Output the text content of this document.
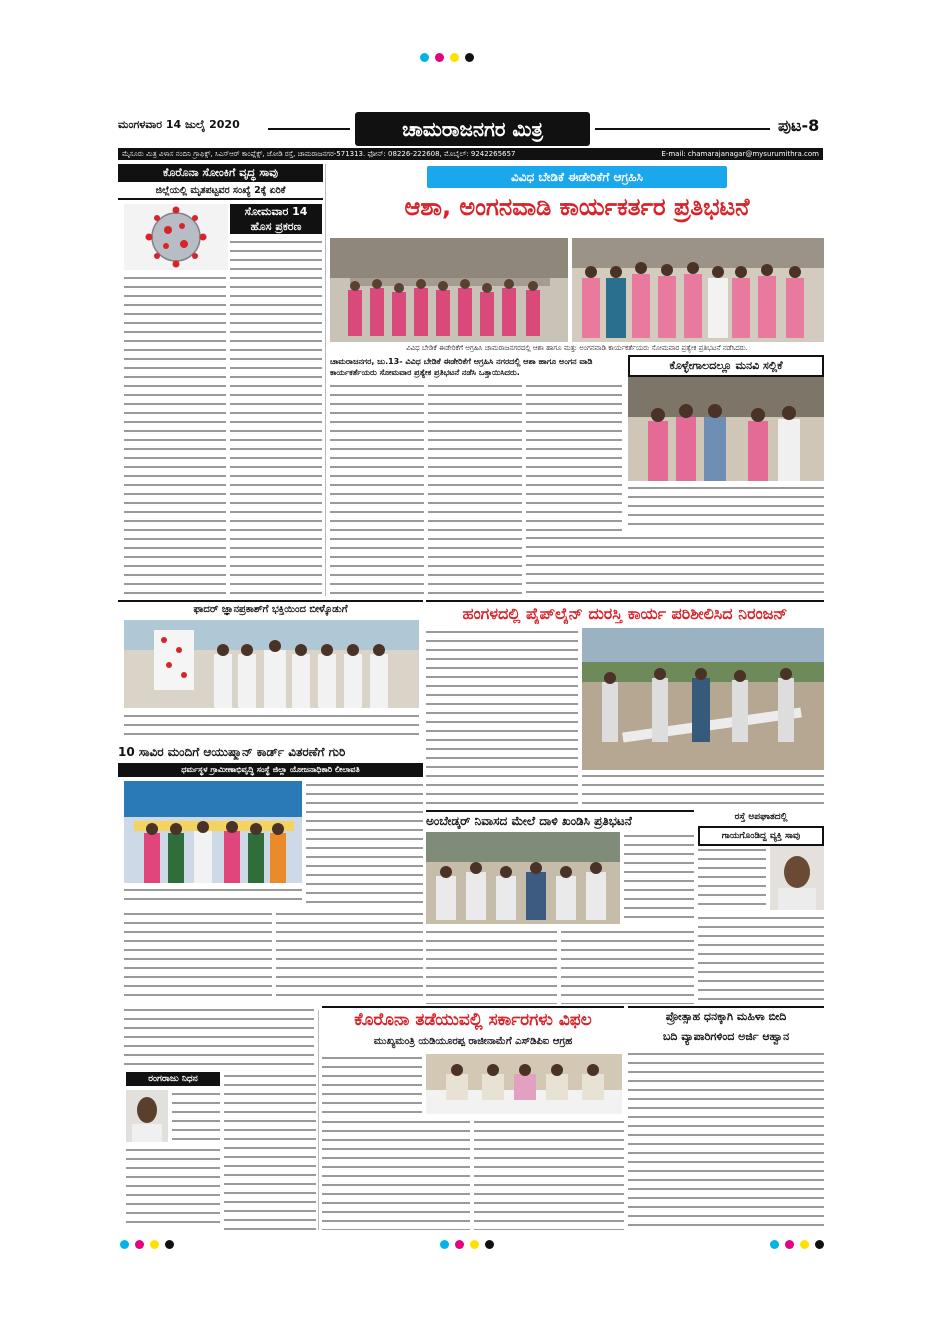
ಮಂಗಳವಾರ 14 ಜುಲೈ 2020	ಚಾಮರಾಜನಗರ ಮಿತ್ರ	ಪುಟ-8
ಮೈಸೂರು ಮಿತ್ರ ವಿಳಾಸ ನಂದಿನಿ ಗ್ರಾಫಿಕ್ಸ್, ಸಿಎಸ್ಆರ್ ಕಾಂಪ್ಲೆಕ್ಸ್, ಜೋಡಿ ರಸ್ತೆ, ಚಾಮರಾಜನಗರ-571313. ಫೋನ್: 08226-222608, ಮೊಬೈಲ್: 9242265657	E-mail: chamarajanagar@mysurumithra.com
ಕೊರೊನಾ ಸೋಂಕಿಗೆ ವೃದ್ಧ ಸಾವು
ಜಿಲ್ಲೆಯಲ್ಲಿ ಮೃತಪಟ್ಟವರ ಸಂಖ್ಯೆ 2ಕ್ಕೆ ಏರಿಕೆ
ಸೋಮವಾರ 14
ಹೊಸ ಪ್ರಕರಣ
ವಿವಿಧ ಬೇಡಿಕೆ ಈಡೇರಿಕೆಗೆ ಆಗ್ರಹಿಸಿ
ಆಶಾ, ಅಂಗನವಾಡಿ ಕಾರ್ಯಕರ್ತರ ಪ್ರತಿಭಟನೆ
ವಿವಿಧ ಬೇಡಿಕೆ ಈಡೇರಿಕೆಗೆ ಆಗ್ರಹಿಸಿ ಚಾಮರಾಜನಗರದಲ್ಲಿ ಆಶಾ ಹಾಗೂ ಮತ್ತು ಅಂಗನವಾಡಿ ಕಾರ್ಯಕರ್ತೆಯರು ಸೋಮವಾರ ಪ್ರತ್ಯೇಕ ಪ್ರತಿಭಟನೆ ನಡೆಸಿದರು.
ಚಾಮರಾಜನಗರ, ಜು.13- ವಿವಿಧ ಬೇಡಿಕೆ ಈಡೇರಿಕೆಗೆ ಆಗ್ರಹಿಸಿ ನಗರದಲ್ಲಿ ಆಶಾ ಹಾಗೂ ಅಂಗನ ವಾಡಿ ಕಾರ್ಯಕರ್ತೆಯರು ಸೋಮವಾರ ಪ್ರತ್ಯೇಕ ಪ್ರತಿಭಟನೆ ನಡೆಸಿ ಒತ್ತಾಯಿಸಿದರು.
ಕೊಳ್ಳೇಗಾಲದಲ್ಲೂ ಮನವಿ ಸಲ್ಲಿಕೆ
ಫಾದರ್ ಜ್ಞಾನಪ್ರಕಾಶ್‌ಗೆ ಭಕ್ತಿಯಿಂದ ಬೀಳ್ಕೊಡುಗೆ	ಹಂಗಳದಲ್ಲಿ ಪೈಪ್‌ಲೈನ್ ದುರಸ್ತಿ ಕಾರ್ಯ ಪರಿಶೀಲಿಸಿದ ನಿರಂಜನ್
10 ಸಾವಿರ ಮಂದಿಗೆ ಆಯುಷ್ಮಾನ್ ಕಾರ್ಡ್ ವಿತರಣೆಗೆ ಗುರಿ
ಧರ್ಮಸ್ಥಳ ಗ್ರಾಮೀಣಾಭಿವೃದ್ಧಿ ಸಂಸ್ಥೆ ಜಿಲ್ಲಾ ಯೋಜನಾಧಿಕಾರಿ ಲೀಲಾವತಿ
ಅಂಬೇಡ್ಕರ್ ನಿವಾಸದ ಮೇಲೆ ದಾಳಿ ಖಂಡಿಸಿ ಪ್ರತಿಭಟನೆ	ರಸ್ತೆ ಅಪಘಾತದಲ್ಲಿ
ಗಾಯಗೊಂಡಿದ್ದ ವ್ಯಕ್ತಿ ಸಾವು
ಕೊರೊನಾ ತಡೆಯುವಲ್ಲಿ ಸರ್ಕಾರಗಳು ವಿಫಲ
ಮುಖ್ಯಮಂತ್ರಿ ಯಡಿಯೂರಪ್ಪ ರಾಜೀನಾಮೆಗೆ ಎಸ್‌ಡಿಪಿಐ ಆಗ್ರಹ
ರಂಗರಾಜು ನಿಧನ
ಪ್ರೋತ್ಸಾಹ ಧನಕ್ಕಾಗಿ ಮಹಿಳಾ ಬೀದಿ
ಬದಿ ವ್ಯಾಪಾರಿಗಳಿಂದ ಅರ್ಜಿ ಆಹ್ವಾನ
